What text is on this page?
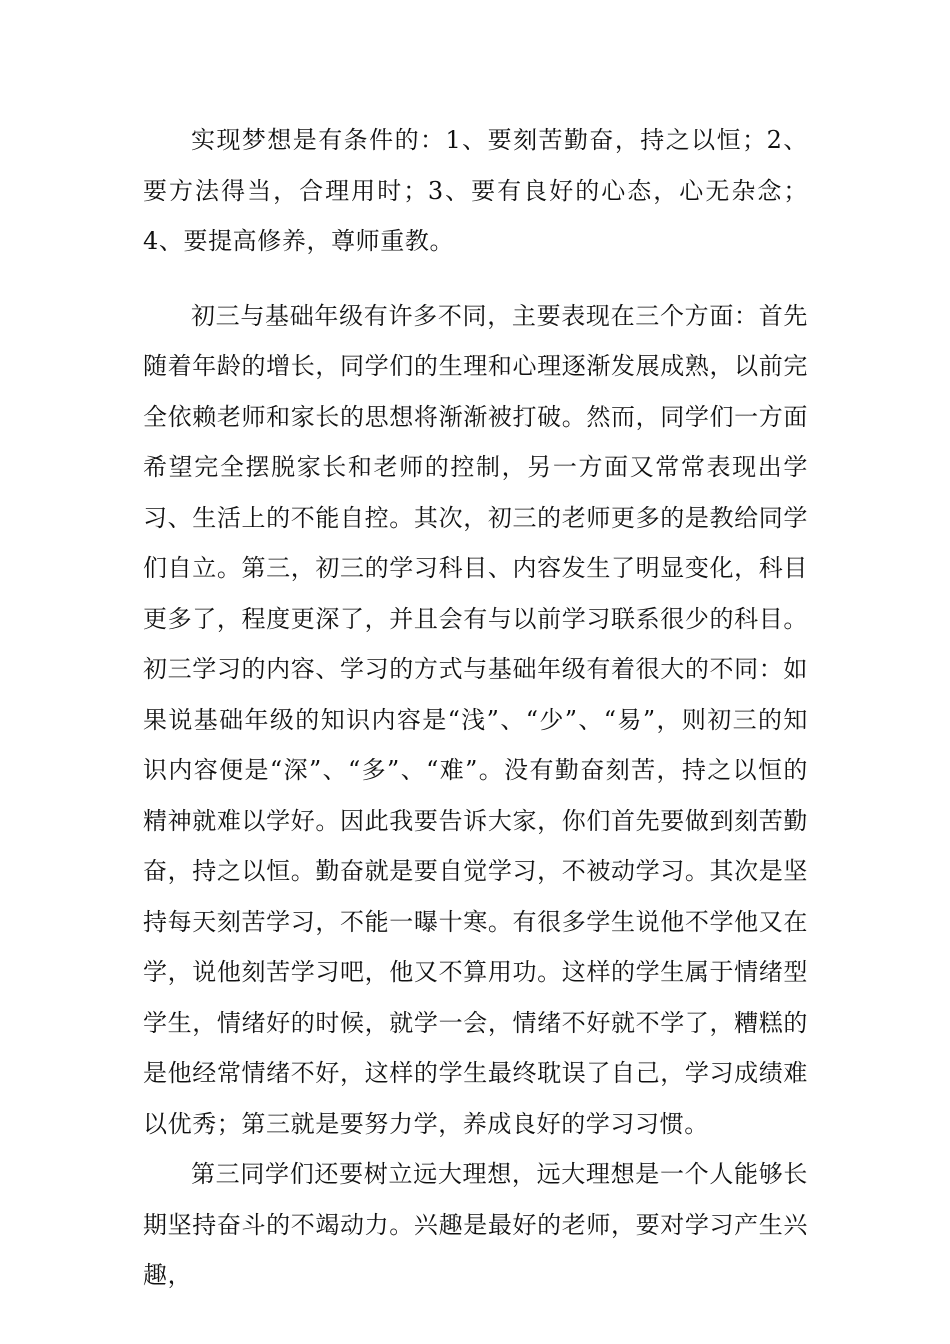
实现梦想是有条件的：1、要刻苦勤奋，持之以恒；2、要方法得当，合理用时；3、要有良好的心态，心无杂念；4、要提高修养，尊师重教。

初三与基础年级有许多不同，主要表现在三个方面：首先随着年龄的增长，同学们的生理和心理逐渐发展成熟，以前完全依赖老师和家长的思想将渐渐被打破。然而，同学们一方面希望完全摆脱家长和老师的控制，另一方面又常常表现出学习、生活上的不能自控。其次，初三的老师更多的是教给同学们自立。第三，初三的学习科目、内容发生了明显变化，科目更多了，程度更深了，并且会有与以前学习联系很少的科目。初三学习的内容、学习的方式与基础年级有着很大的不同：如果说基础年级的知识内容是“浅”、“少”、“易”，则初三的知识内容便是“深”、“多”、“难”。没有勤奋刻苦，持之以恒的精神就难以学好。因此我要告诉大家，你们首先要做到刻苦勤奋，持之以恒。勤奋就是要自觉学习，不被动学习。其次是坚持每天刻苦学习，不能一曝十寒。有很多学生说他不学他又在学，说他刻苦学习吧，他又不算用功。这样的学生属于情绪型学生，情绪好的时候，就学一会，情绪不好就不学了，糟糕的是他经常情绪不好，这样的学生最终耽误了自己，学习成绩难以优秀；第三就是要努力学，养成良好的学习习惯。

第三同学们还要树立远大理想，远大理想是一个人能够长期坚持奋斗的不竭动力。兴趣是最好的老师，要对学习产生兴趣，
